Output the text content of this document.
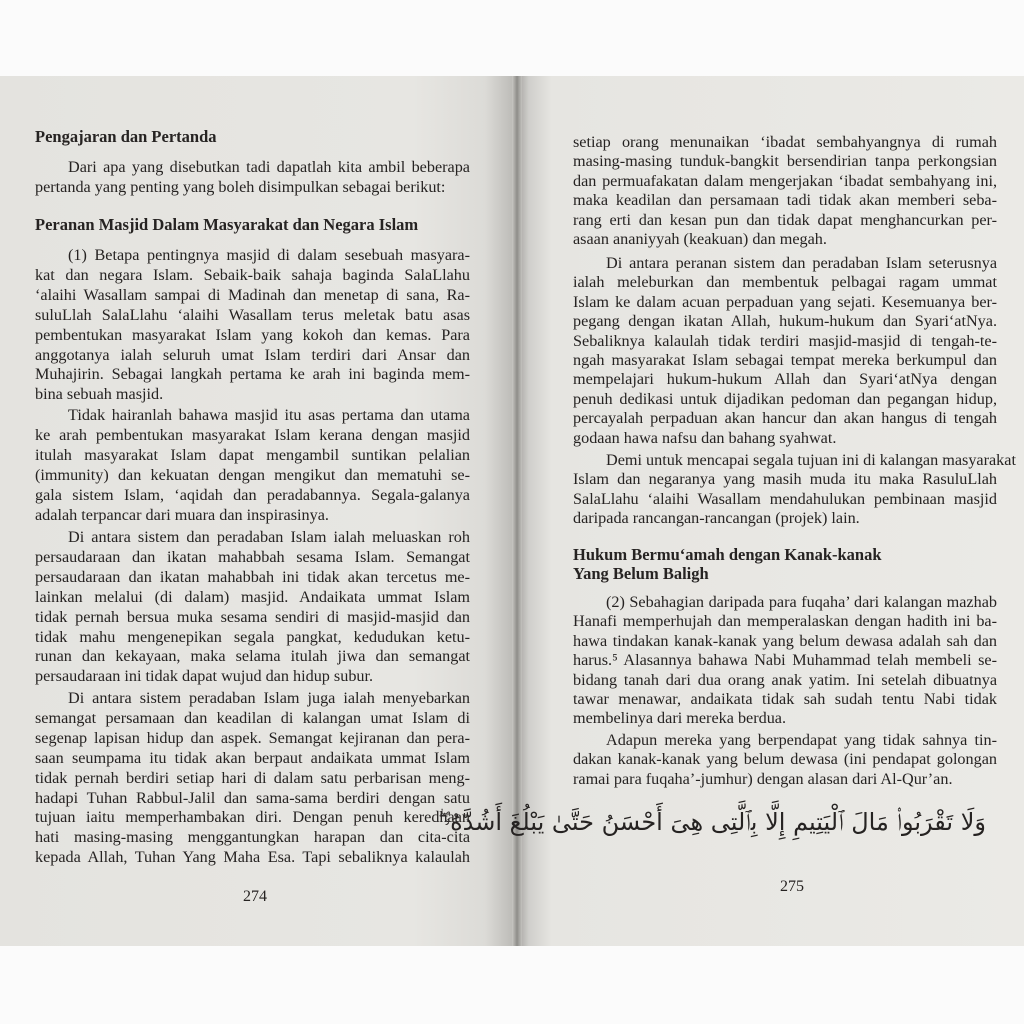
Pengajaran dan Pertanda
Dari apa yang disebutkan tadi dapatlah kita ambil beberapa
pertanda yang penting yang boleh disimpulkan sebagai berikut:
Peranan Masjid Dalam Masyarakat dan Negara Islam
(1) Betapa pentingnya masjid di dalam sesebuah masyara-
kat dan negara Islam. Sebaik-baik sahaja baginda SalaLlahu
‘alaihi Wasallam sampai di Madinah dan menetap di sana, Ra-
suluLlah SalaLlahu ‘alaihi Wasallam terus meletak batu asas
pembentukan masyarakat Islam yang kokoh dan kemas. Para
anggotanya ialah seluruh umat Islam terdiri dari Ansar dan
Muhajirin. Sebagai langkah pertama ke arah ini baginda mem-
bina sebuah masjid.
Tidak hairanlah bahawa masjid itu asas pertama dan utama
ke arah pembentukan masyarakat Islam kerana dengan masjid
itulah masyarakat Islam dapat mengambil suntikan pelalian
(immunity) dan kekuatan dengan mengikut dan mematuhi se-
gala sistem Islam, ‘aqidah dan peradabannya. Segala-galanya
adalah terpancar dari muara dan inspirasinya.
Di antara sistem dan peradaban Islam ialah meluaskan roh
persaudaraan dan ikatan mahabbah sesama Islam. Semangat
persaudaraan dan ikatan mahabbah ini tidak akan tercetus me-
lainkan melalui (di dalam) masjid. Andaikata ummat Islam
tidak pernah bersua muka sesama sendiri di masjid-masjid dan
tidak mahu mengenepikan segala pangkat, kedudukan ketu-
runan dan kekayaan, maka selama itulah jiwa dan semangat
persaudaraan ini tidak dapat wujud dan hidup subur.
Di antara sistem peradaban Islam juga ialah menyebarkan
semangat persamaan dan keadilan di kalangan umat Islam di
segenap lapisan hidup dan aspek. Semangat kejiranan dan pera-
saan seumpama itu tidak akan berpaut andaikata ummat Islam
tidak pernah berdiri setiap hari di dalam satu perbarisan meng-
hadapi Tuhan Rabbul-Jalil dan sama-sama berdiri dengan satu
tujuan iaitu memperhambakan diri. Dengan penuh keredhaan
hati masing-masing menggantungkan harapan dan cita-cita
kepada Allah, Tuhan Yang Maha Esa. Tapi sebaliknya kalaulah
setiap orang menunaikan ‘ibadat sembahyangnya di rumah
masing-masing tunduk-bangkit bersendirian tanpa perkongsian
dan permuafakatan dalam mengerjakan ‘ibadat sembahyang ini,
maka keadilan dan persamaan tadi tidak akan memberi seba-
rang erti dan kesan pun dan tidak dapat menghancurkan per-
asaan ananiyyah (keakuan) dan megah.
Di antara peranan sistem dan peradaban Islam seterusnya
ialah meleburkan dan membentuk pelbagai ragam ummat
Islam ke dalam acuan perpaduan yang sejati. Kesemuanya ber-
pegang dengan ikatan Allah, hukum-hukum dan Syari‘atNya.
Sebaliknya kalaulah tidak terdiri masjid-masjid di tengah-te-
ngah masyarakat Islam sebagai tempat mereka berkumpul dan
mempelajari hukum-hukum Allah dan Syari‘atNya dengan
penuh dedikasi untuk dijadikan pedoman dan pegangan hidup,
percayalah perpaduan akan hancur dan akan hangus di tengah
godaan hawa nafsu dan bahang syahwat.
Demi untuk mencapai segala tujuan ini di kalangan masyarakat
Islam dan negaranya yang masih muda itu maka RasuluLlah
SalaLlahu ‘alaihi Wasallam mendahulukan pembinaan masjid
daripada rancangan-rancangan (projek) lain.
Hukum Bermu‘amah dengan Kanak-kanak
Yang Belum Baligh
(2) Sebahagian daripada para fuqaha’ dari kalangan mazhab
Hanafi memperhujah dan memperalaskan dengan hadith ini ba-
hawa tindakan kanak-kanak yang belum dewasa adalah sah dan
harus.⁵ Alasannya bahawa Nabi Muhammad telah membeli se-
bidang tanah dari dua orang anak yatim. Ini setelah dibuatnya
tawar menawar, andaikata tidak sah sudah tentu Nabi tidak
membelinya dari mereka berdua.
Adapun mereka yang berpendapat yang tidak sahnya tin-
dakan kanak-kanak yang belum dewasa (ini pendapat golongan
ramai para fuqaha’-jumhur) dengan alasan dari Al-Qur’an.
274
275
وَلَا تَقْرَبُوا۟ مَالَ ٱلْيَتِيمِ إِلَّا بِٱلَّتِى هِىَ أَحْسَنُ حَتَّىٰ يَبْلُغَ أَشُدَّهُۥ ۖ
